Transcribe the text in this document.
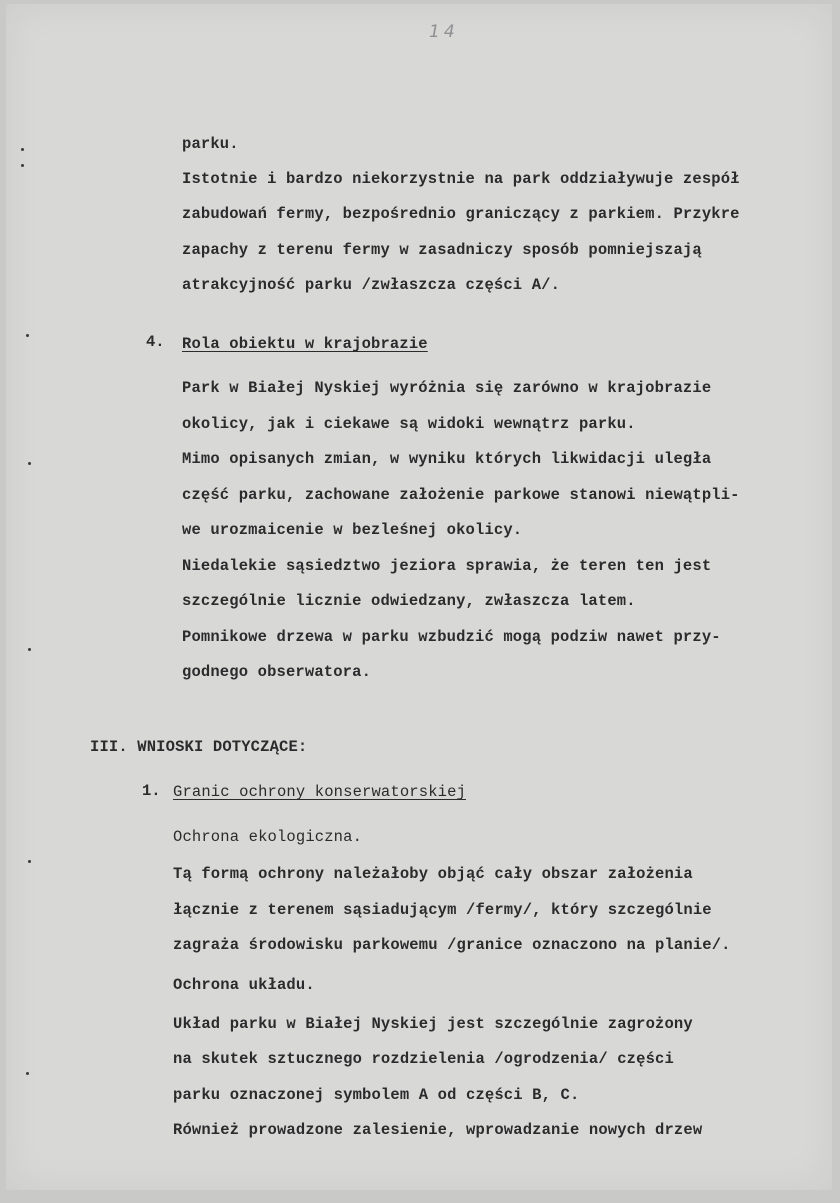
14
parku.
Istotnie i bardzo niekorzystnie na park oddziaływuje zespół
zabudowań fermy, bezpośrednio graniczący z parkiem. Przykre
zapachy z terenu fermy w zasadniczy sposób pomniejszają
atrakcyjność parku /zwłaszcza części A/.
4. Rola obiektu w krajobrazie
Park w Białej Nyskiej wyróżnia się zarówno w krajobrazie
okolicy, jak i ciekawe są widoki wewnątrz parku.
Mimo opisanych zmian, w wyniku których likwidacji uległa
część parku, zachowane założenie parkowe stanowi niewątpli-
we urozmaicenie w bezleśnej okolicy.
Niedalekie sąsiedztwo jeziora sprawia, że teren ten jest
szczególnie licznie odwiedzany, zwłaszcza latem.
Pomnikowe drzewa w parku wzbudzić mogą podziw nawet przy-
godnego obserwatora.
III. WNIOSKI DOTYCZĄCE:
1. Granic ochrony konserwatorskiej
Ochrona ekologiczna.
Tą formą ochrony należałoby objąć cały obszar założenia
łącznie z terenem sąsiadującym /fermy/, który szczególnie
zagraża środowisku parkowemu /granice oznaczono na planie/.
Ochrona układu.
Układ parku w Białej Nyskiej jest szczególnie zagrożony
na skutek sztucznego rozdzielenia /ogrodzenia/ części
parku oznaczonej symbolem A od części B, C.
Również prowadzone zalesienie, wprowadzanie nowych drzew
